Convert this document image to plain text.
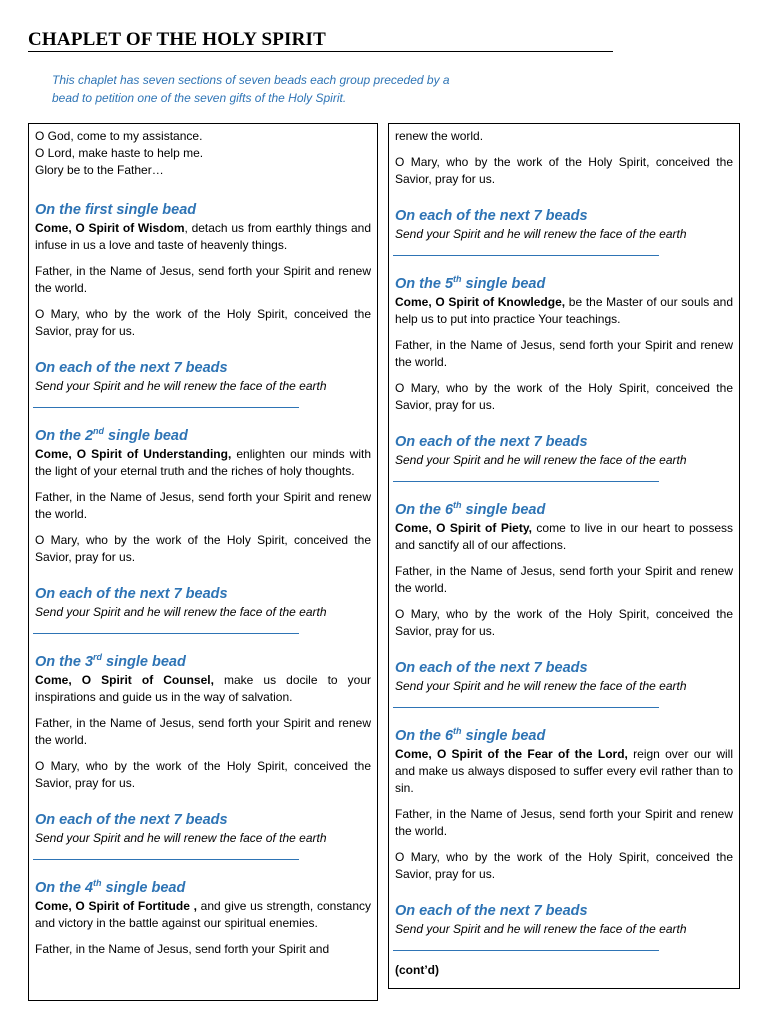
CHAPLET OF THE HOLY SPIRIT
This chaplet has seven sections of seven beads each group preceded by a bead to petition one of the seven gifts of the Holy Spirit.
O God, come to my assistance.
O Lord, make haste to help me.
Glory be to the Father…
On the first single bead
Come, O Spirit of Wisdom, detach us from earthly things and infuse in us a love and taste of heavenly things.
Father, in the Name of Jesus, send forth your Spirit and renew the world.
O Mary, who by the work of the Holy Spirit, conceived the Savior, pray for us.
On each of the next 7 beads
Send your Spirit and he will renew the face of the earth
On the 2nd single bead
Come, O Spirit of Understanding, enlighten our minds with the light of your eternal truth and the riches of holy thoughts.
Father, in the Name of Jesus, send forth your Spirit and renew the world.
O Mary, who by the work of the Holy Spirit, conceived the Savior, pray for us.
On each of the next 7 beads
Send your Spirit and he will renew the face of the earth
On the 3rd single bead
Come, O Spirit of Counsel, make us docile to your inspirations and guide us in the way of salvation.
Father, in the Name of Jesus, send forth your Spirit and renew the world.
O Mary, who by the work of the Holy Spirit, conceived the Savior, pray for us.
On each of the next 7 beads
Send your Spirit and he will renew the face of the earth
On the 4th single bead
Come, O Spirit of Fortitude , and give us strength, constancy and victory in the battle against our spiritual enemies.
Father, in the Name of Jesus, send forth your Spirit and
renew the world.
O Mary, who by the work of the Holy Spirit, conceived the Savior, pray for us.
On each of the next 7 beads
Send your Spirit and he will renew the face of the earth
On the 5th single bead
Come, O Spirit of Knowledge, be the Master of our souls and help us to put into practice Your teachings.
Father, in the Name of Jesus, send forth your Spirit and renew the world.
O Mary, who by the work of the Holy Spirit, conceived the Savior, pray for us.
On each of the next 7 beads
Send your Spirit and he will renew the face of the earth
On the 6th single bead
Come, O Spirit of Piety, come to live in our heart to possess and sanctify all of our affections.
Father, in the Name of Jesus, send forth your Spirit and renew the world.
O Mary, who by the work of the Holy Spirit, conceived the Savior, pray for us.
On each of the next 7 beads
Send your Spirit and he will renew the face of the earth
On the 6th single bead
Come, O Spirit of the Fear of the Lord, reign over our will and make us always disposed to suffer every evil rather than to sin.
Father, in the Name of Jesus, send forth your Spirit and renew the world.
O Mary, who by the work of the Holy Spirit, conceived the Savior, pray for us.
On each of the next 7 beads
Send your Spirit and he will renew the face of the earth
(cont’d)
